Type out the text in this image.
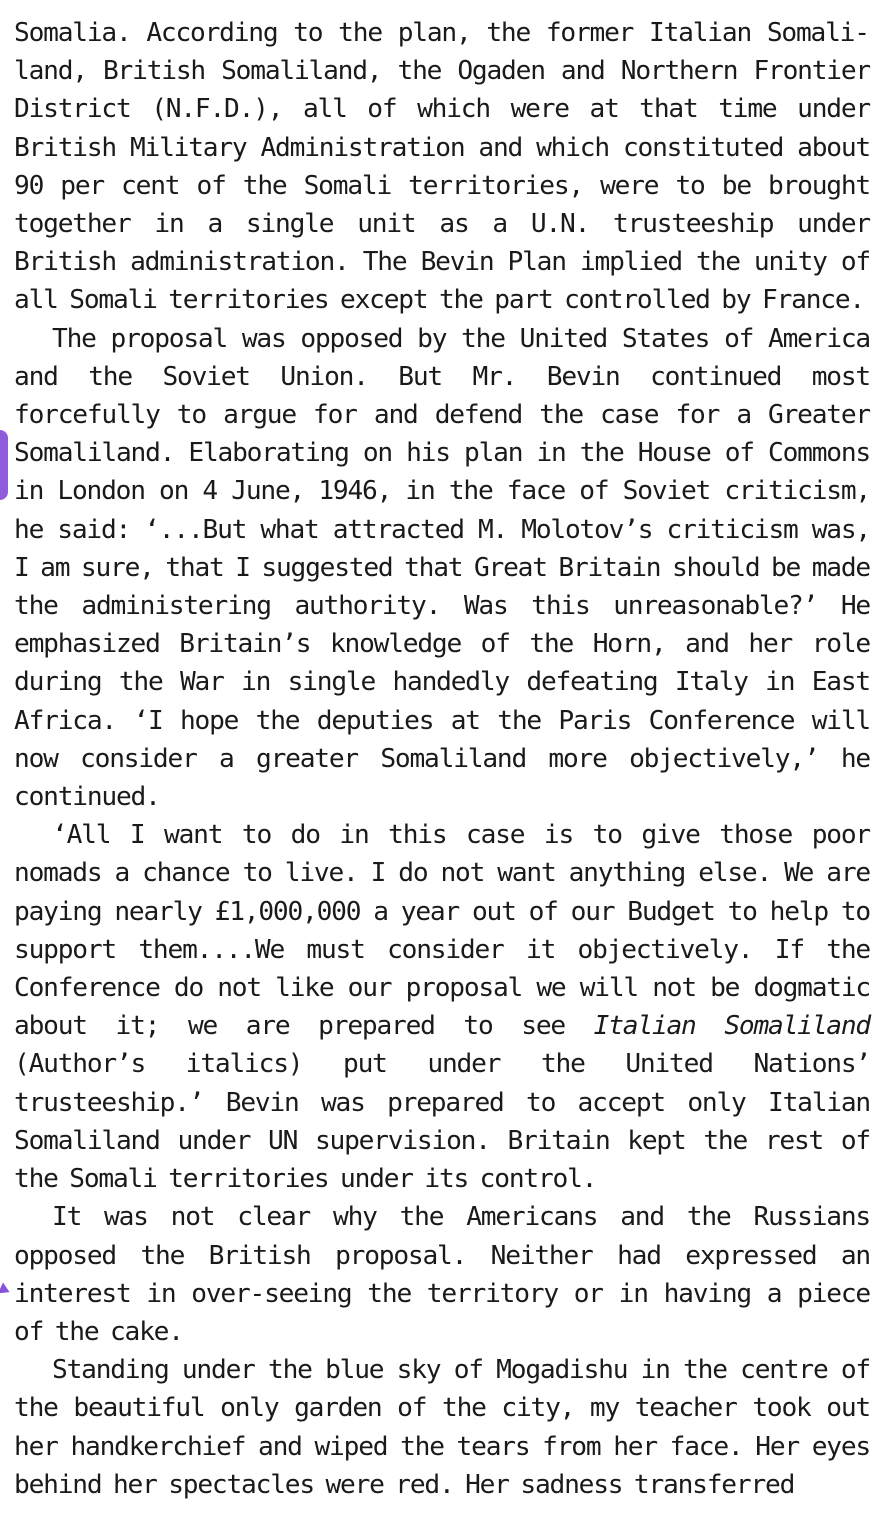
Somalia. According to the plan, the former Italian Somaliland, British Somaliland, the Ogaden and Northern Frontier District (N.F.D.), all of which were at that time under British Military Administration and which constituted about 90 per cent of the Somali territories, were to be brought together in a single unit as a U.N. trusteeship under British administration. The Bevin Plan implied the unity of all Somali territories except the part controlled by France.

The proposal was opposed by the United States of America and the Soviet Union. But Mr. Bevin continued most forcefully to argue for and defend the case for a Greater Somaliland. Elaborating on his plan in the House of Commons in London on 4 June, 1946, in the face of Soviet criticism, he said: ‘...But what attracted M. Molotov’s criticism was, I am sure, that I suggested that Great Britain should be made the administering authority. Was this unreasonable?’ He emphasized Britain’s knowledge of the Horn, and her role during the War in single handedly defeating Italy in East Africa. ‘I hope the deputies at the Paris Conference will now consider a greater Somaliland more objectively,’ he continued.

‘All I want to do in this case is to give those poor nomads a chance to live. I do not want anything else. We are paying nearly £1,000,000 a year out of our Budget to help to support them....We must consider it objectively. If the Conference do not like our proposal we will not be dogmatic about it; we are prepared to see Italian Somaliland (Author’s italics) put under the United Nations’ trusteeship.’ Bevin was prepared to accept only Italian Somaliland under UN supervision. Britain kept the rest of the Somali territories under its control.

It was not clear why the Americans and the Russians opposed the British proposal. Neither had expressed an interest in over-seeing the territory or in having a piece of the cake.

Standing under the blue sky of Mogadishu in the centre of the beautiful only garden of the city, my teacher took out her handkerchief and wiped the tears from her face. Her eyes behind her spectacles were red. Her sadness transferred
